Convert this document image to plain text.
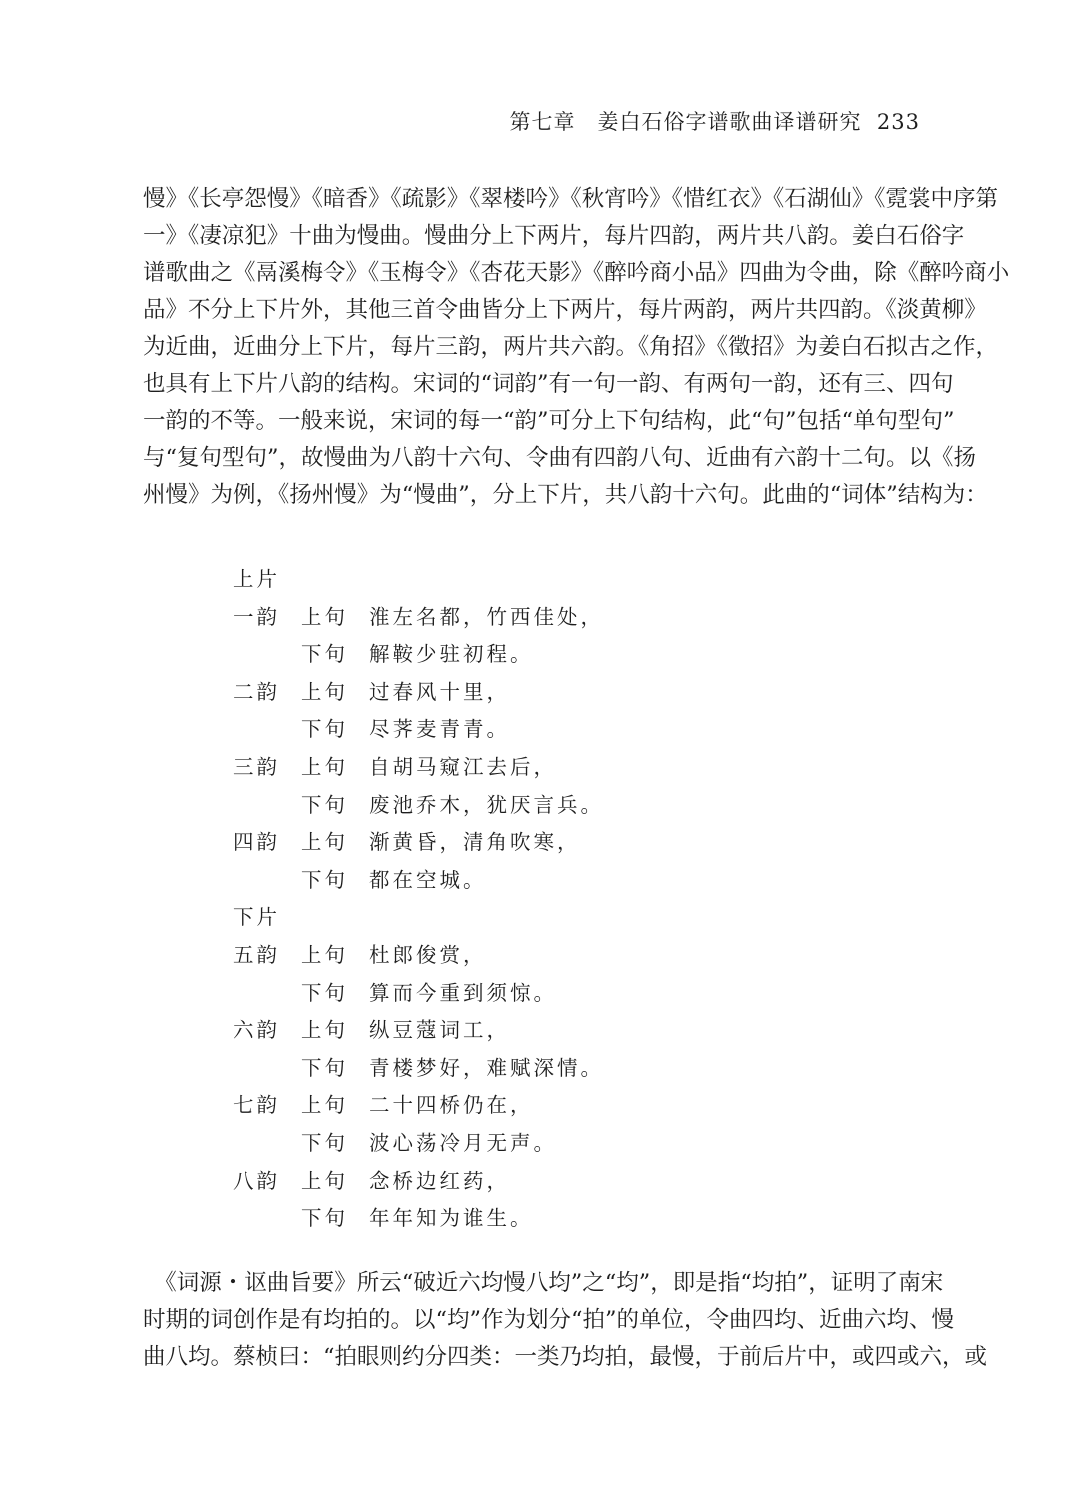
第七章 姜白石俗字谱歌曲译谱研究 233
慢》《长亭怨慢》《暗香》《疏影》《翠楼吟》《秋宵吟》《惜红衣》《石湖仙》《霓裳中序第
一》《凄凉犯》十曲为慢曲。慢曲分上下两片，每片四韵，两片共八韵。姜白石俗字
谱歌曲之《鬲溪梅令》《玉梅令》《杏花天影》《醉吟商小品》四曲为令曲，除《醉吟商小
品》不分上下片外，其他三首令曲皆分上下两片，每片两韵，两片共四韵。《淡黄柳》
为近曲，近曲分上下片，每片三韵，两片共六韵。《角招》《徵招》为姜白石拟古之作，
也具有上下片八韵的结构。宋词的“词韵”有一句一韵、有两句一韵，还有三、四句
一韵的不等。一般来说，宋词的每一“韵”可分上下句结构，此“句”包括“单句型句”
与“复句型句”，故慢曲为八韵十六句、令曲有四韵八句、近曲有六韵十二句。以《扬
州慢》为例，《扬州慢》为“慢曲”，分上下片，共八韵十六句。此曲的“词体”结构为：
上片
一韵	上句	淮左名都，竹西佳处，
下句	解鞍少驻初程。
二韵	上句	过春风十里，
下句	尽荠麦青青。
三韵	上句	自胡马窥江去后，
下句	废池乔木，犹厌言兵。
四韵	上句	渐黄昏，清角吹寒，
下句	都在空城。
下片
五韵	上句	杜郎俊赏，
下句	算而今重到须惊。
六韵	上句	纵豆蔻词工，
下句	青楼梦好，难赋深情。
七韵	上句	二十四桥仍在，
下句	波心荡冷月无声。
八韵	上句	念桥边红药，
下句	年年知为谁生。
　《词源・讴曲旨要》所云“破近六均慢八均”之“均”，即是指“均拍”，证明了南宋
时期的词创作是有均拍的。以“均”作为划分“拍”的单位，令曲四均、近曲六均、慢
曲八均。蔡桢曰：“拍眼则约分四类：一类乃均拍，最慢，于前后片中，或四或六，或
